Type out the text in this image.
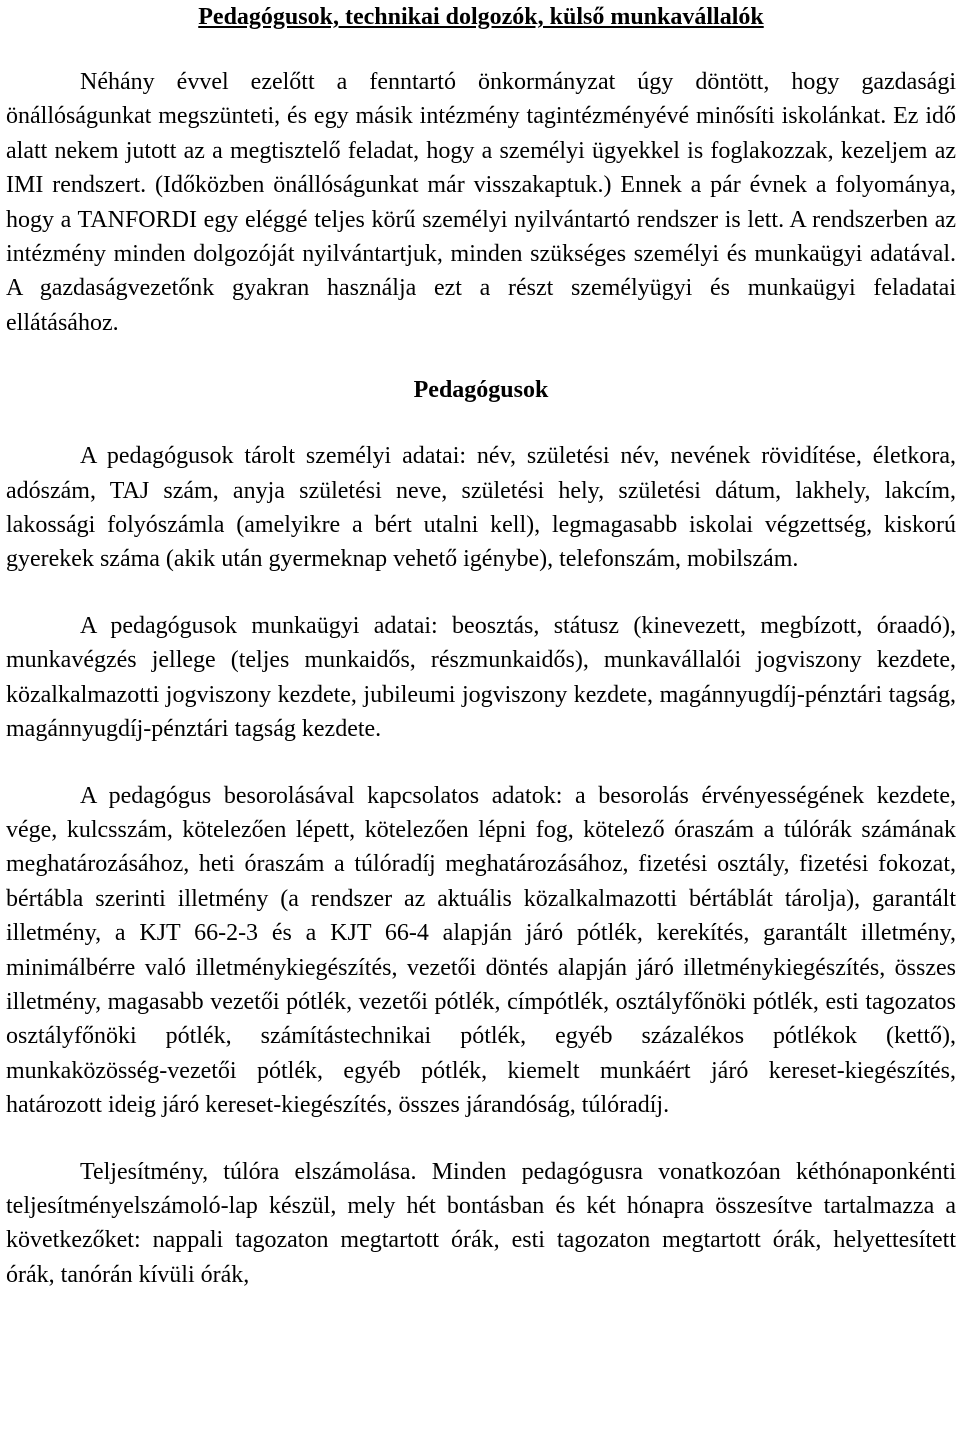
Pedagógusok, technikai dolgozók, külső munkavállalók

Néhány évvel ezelőtt a fenntartó önkormányzat úgy döntött, hogy gazdasági önállóságunkat megszünteti, és egy másik intézmény tagintézményévé minősíti iskolánkat. Ez idő alatt nekem jutott az a megtisztelő feladat, hogy a személyi ügyekkel is foglakozzak, kezeljem az IMI rendszert. (Időközben önállóságunkat már visszakaptuk.) Ennek a pár évnek a folyománya, hogy a TANFORDI egy eléggé teljes körű személyi nyilvántartó rendszer is lett. A rendszerben az intézmény minden dolgozóját nyilvántartjuk, minden szükséges személyi és munkaügyi adatával. A gazdaságvezetőnk gyakran használja ezt a részt személyügyi és munkaügyi feladatai ellátásához.

Pedagógusok

A pedagógusok tárolt személyi adatai: név, születési név, nevének rövidítése, életkora, adószám, TAJ szám, anyja születési neve, születési hely, születési dátum, lakhely, lakcím, lakossági folyószámla (amelyikre a bért utalni kell), legmagasabb iskolai végzettség, kiskorú gyerekek száma (akik után gyermeknap vehető igénybe), telefonszám, mobilszám.

A pedagógusok munkaügyi adatai: beosztás, státusz (kinevezett, megbízott, óraadó), munkavégzés jellege (teljes munkaidős, részmunkaidős), munkavállalói jogviszony kezdete, közalkalmazotti jogviszony kezdete, jubileumi jogviszony kezdete, magánnyugdíj-pénztári tagság, magánnyugdíj-pénztári tagság kezdete.

A pedagógus besorolásával kapcsolatos adatok: a besorolás érvényességének kezdete, vége, kulcsszám, kötelezően lépett, kötelezően lépni fog, kötelező óraszám a túlórák számának meghatározásához, heti óraszám a túlóradíj meghatározásához, fizetési osztály, fizetési fokozat, bértábla szerinti illetmény (a rendszer az aktuális közalkalmazotti bértáblát tárolja), garantált illetmény, a KJT 66-2-3 és a KJT 66-4 alapján járó pótlék, kerekítés, garantált illetmény, minimálbérre való illetménykiegészítés, vezetői döntés alapján járó illetménykiegészítés, összes illetmény, magasabb vezetői pótlék, vezetői pótlék, címpótlék, osztályfőnöki pótlék, esti tagozatos osztályfőnöki pótlék, számítástechnikai pótlék, egyéb százalékos pótlékok (kettő), munkaközösség-vezetői pótlék, egyéb pótlék, kiemelt munkáért járó kereset-kiegészítés, határozott ideig járó kereset-kiegészítés, összes járandóság, túlóradíj.

Teljesítmény, túlóra elszámolása. Minden pedagógusra vonatkozóan kéthónaponkénti teljesítményelszámoló-lap készül, mely hét bontásban és két hónapra összesítve tartalmazza a következőket: nappali tagozaton megtartott órák, esti tagozaton megtartott órák, helyettesített órák, tanórán kívüli órák,
